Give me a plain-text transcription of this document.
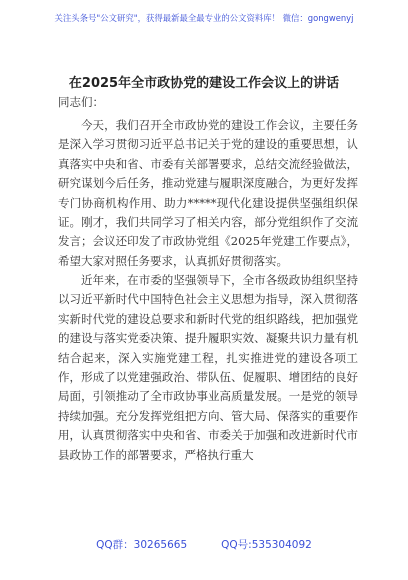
关注头条号"公文研究"，获得最新最全最专业的公文资料库！ 微信：gongwenyj
在2025年全市政协党的建设工作会议上的讲话
同志们：

今天，我们召开全市政协党的建设工作会议，主要任务是深入学习贯彻习近平总书记关于党的建设的重要思想，认真落实中央和省、市委有关部署要求，总结交流经验做法，研究谋划今后任务，推动党建与履职深度融合，为更好发挥专门协商机构作用、助力*****现代化建设提供坚强组织保证。刚才，我们共同学习了相关内容，部分党组织作了交流发言；会议还印发了市政协党组《2025年党建工作要点》，希望大家对照任务要求，认真抓好贯彻落实。

近年来，在市委的坚强领导下，全市各级政协组织坚持以习近平新时代中国特色社会主义思想为指导，深入贯彻落实新时代党的建设总要求和新时代党的组织路线，把加强党的建设与落实党委决策、提升履职实效、凝聚共识力量有机结合起来，深入实施党建工程，扎实推进党的建设各项工作，形成了以党建强政治、带队伍、促履职、增团结的良好局面，引领推动了全市政协事业高质量发展。一是党的领导持续加强。充分发挥党组把方向、管大局、保落实的重要作用，认真贯彻落实中央和省、市委关于加强和改进新时代市县政协工作的部署要求，严格执行重大

QQ群：30265665	QQ号:535304092
